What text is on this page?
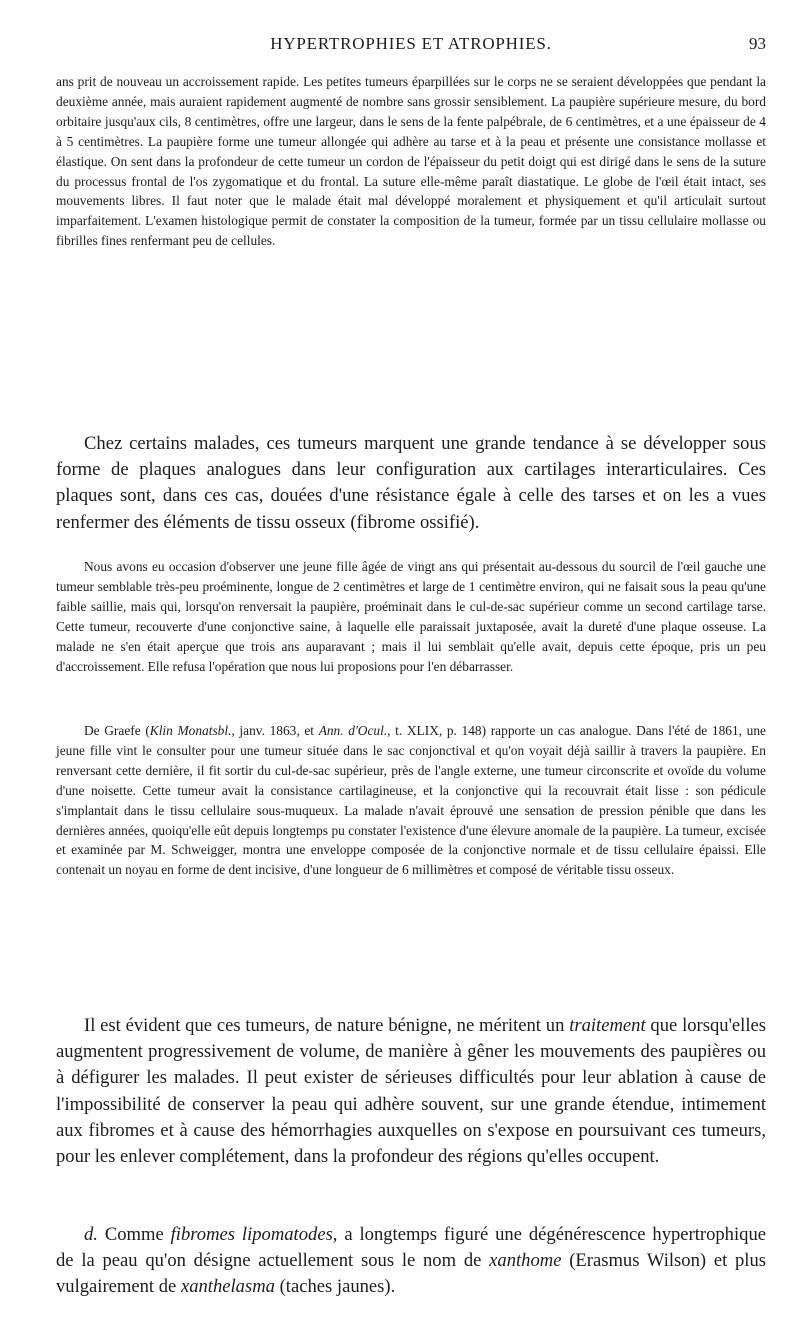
HYPERTROPHIES ET ATROPHIES.	93

ans prit de nouveau un accroissement rapide. Les petites tumeurs éparpillées sur le corps ne se seraient développées que pendant la deuxième année, mais auraient rapidement augmenté de nombre sans grossir sensiblement. La paupière supérieure mesure, du bord orbitaire jusqu'aux cils, 8 centimètres, offre une largeur, dans le sens de la fente palpébrale, de 6 centimètres, et a une épaisseur de 4 à 5 centimètres. La paupière forme une tumeur allongée qui adhère au tarse et à la peau et présente une consistance mollasse et élastique. On sent dans la profondeur de cette tumeur un cordon de l'épaisseur du petit doigt qui est dirigé dans le sens de la suture du processus frontal de l'os zygomatique et du frontal. La suture elle-même paraît diastatique. Le globe de l'œil était intact, ses mouvements libres. Il faut noter que le malade était mal développé moralement et physiquement et qu'il articulait surtout imparfaitement. L'examen histologique permit de constater la composition de la tumeur, formée par un tissu cellulaire mollasse ou fibrilles fines renfermant peu de cellules.

Chez certains malades, ces tumeurs marquent une grande tendance à se développer sous forme de plaques analogues dans leur configuration aux cartilages interarticulaires. Ces plaques sont, dans ces cas, douées d'une résistance égale à celle des tarses et on les a vues renfermer des éléments de tissu osseux (fibrome ossifié).

Nous avons eu occasion d'observer une jeune fille âgée de vingt ans qui présentait au-dessous du sourcil de l'œil gauche une tumeur semblable très-peu proéminente, longue de 2 centimètres et large de 1 centimètre environ, qui ne faisait sous la peau qu'une faible saillie, mais qui, lorsqu'on renversait la paupière, proéminait dans le cul-de-sac supérieur comme un second cartilage tarse. Cette tumeur, recouverte d'une conjonctive saine, à laquelle elle paraissait juxtaposée, avait la dureté d'une plaque osseuse. La malade ne s'en était aperçue que trois ans auparavant ; mais il lui semblait qu'elle avait, depuis cette époque, pris un peu d'accroissement. Elle refusa l'opération que nous lui proposions pour l'en débarrasser.

De Graefe (Klin Monatsbl., janv. 1863, et Ann. d'Ocul., t. XLIX, p. 148) rapporte un cas analogue. Dans l'été de 1861, une jeune fille vint le consulter pour une tumeur située dans le sac conjonctival et qu'on voyait déjà saillir à travers la paupière. En renversant cette dernière, il fit sortir du cul-de-sac supérieur, près de l'angle externe, une tumeur circonscrite et ovoïde du volume d'une noisette. Cette tumeur avait la consistance cartilagineuse, et la conjonctive qui la recouvrait était lisse : son pédicule s'implantait dans le tissu cellulaire sous-muqueux. La malade n'avait éprouvé une sensation de pression pénible que dans les dernières années, quoiqu'elle eût depuis longtemps pu constater l'existence d'une élevure anomale de la paupière. La tumeur, excisée et examinée par M. Schweigger, montra une enveloppe composée de la conjonctive normale et de tissu cellulaire épaissi. Elle contenait un noyau en forme de dent incisive, d'une longueur de 6 millimètres et composé de véritable tissu osseux.

Il est évident que ces tumeurs, de nature bénigne, ne méritent un traitement que lorsqu'elles augmentent progressivement de volume, de manière à gêner les mouvements des paupières ou à défigurer les malades. Il peut exister de sérieuses difficultés pour leur ablation à cause de l'impossibilité de conserver la peau qui adhère souvent, sur une grande étendue, intimement aux fibromes et à cause des hémorrhagies auxquelles on s'expose en poursuivant ces tumeurs, pour les enlever complétement, dans la profondeur des régions qu'elles occupent.

d. Comme fibromes lipomatodes, a longtemps figuré une dégénérescence hypertrophique de la peau qu'on désigne actuellement sous le nom de xanthome (Erasmus Wilson) et plus vulgairement de xanthelasma (taches jaunes).
